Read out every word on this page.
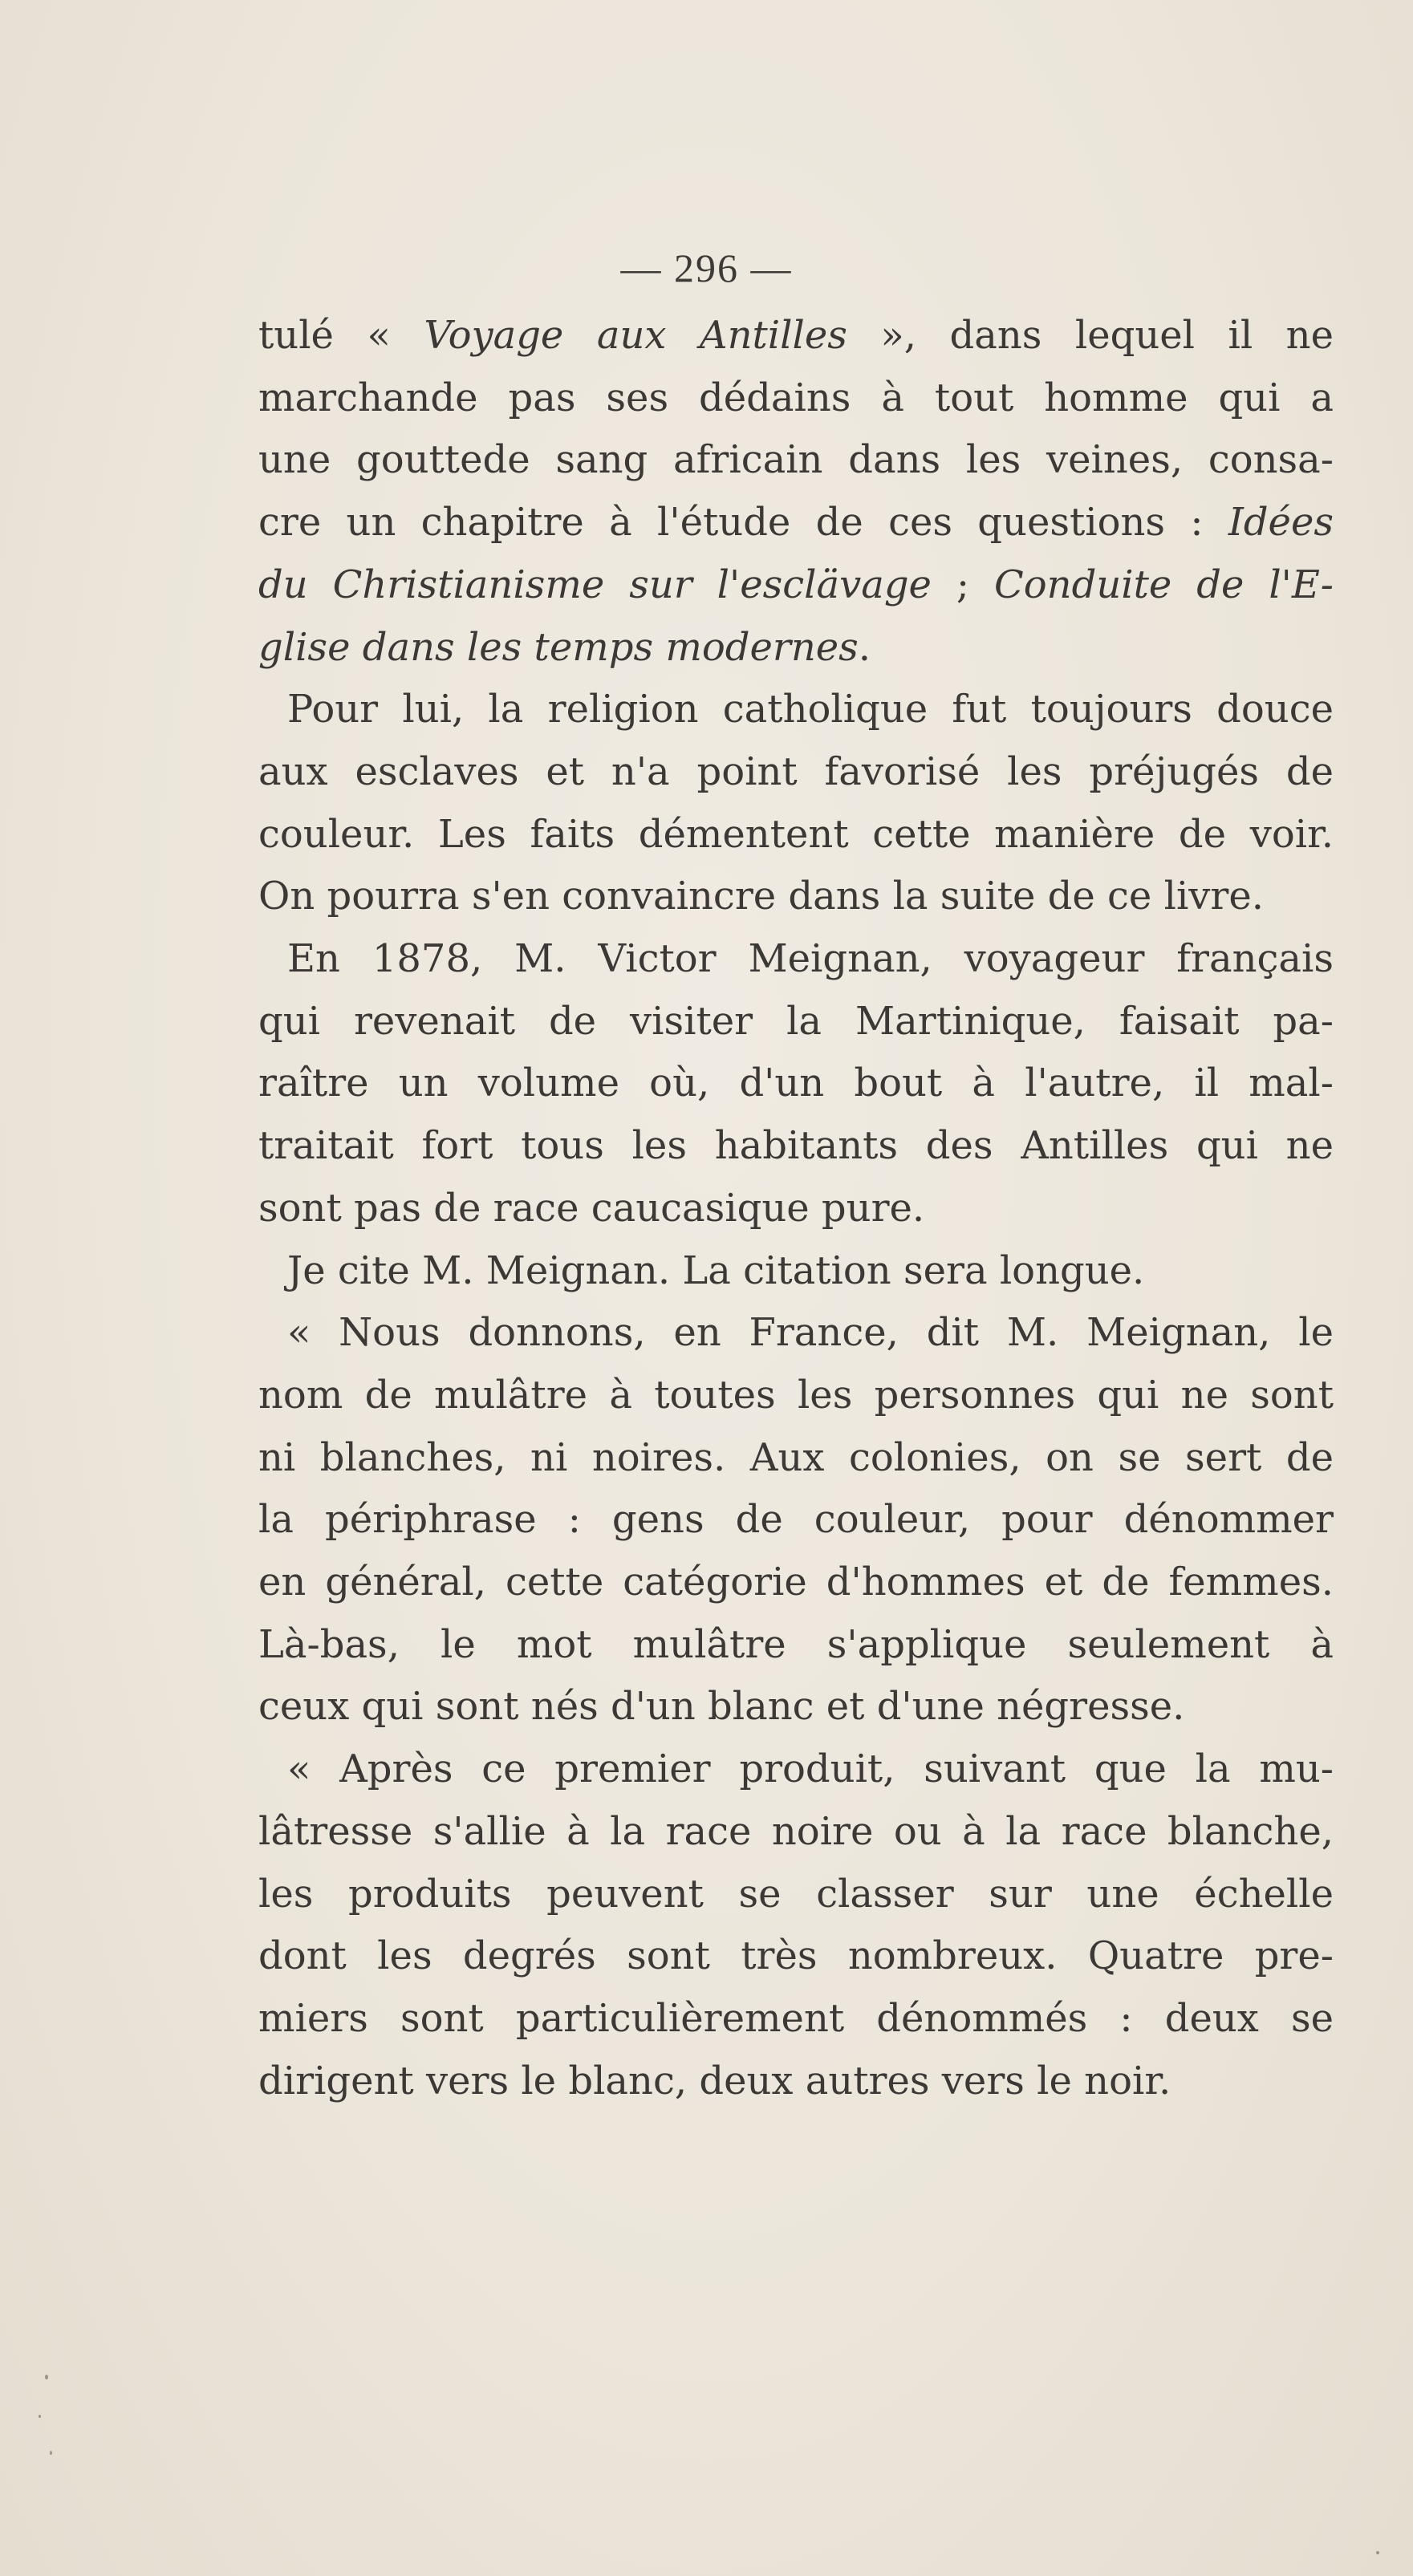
— 296 —

tulé « Voyage aux Antilles », dans lequel il ne
marchande pas ses dédains à tout homme qui a
une gouttede sang africain dans les veines, consa-
cre un chapitre à l'étude de ces questions : Idées
du Christianisme sur l'esclävage ; Conduite de l'E-
glise dans les temps modernes.

Pour lui, la religion catholique fut toujours douce
aux esclaves et n'a point favorisé les préjugés de
couleur. Les faits démentent cette manière de voir.
On pourra s'en convaincre dans la suite de ce livre.

En 1878, M. Victor Meignan, voyageur français
qui revenait de visiter la Martinique, faisait pa-
raître un volume où, d'un bout à l'autre, il mal-
traitait fort tous les habitants des Antilles qui ne
sont pas de race caucasique pure.

Je cite M. Meignan. La citation sera longue.

« Nous donnons, en France, dit M. Meignan, le
nom de mulâtre à toutes les personnes qui ne sont
ni blanches, ni noires. Aux colonies, on se sert de
la périphrase : gens de couleur, pour dénommer
en général, cette catégorie d'hommes et de femmes.
Là-bas, le mot mulâtre s'applique seulement à
ceux qui sont nés d'un blanc et d'une négresse.

« Après ce premier produit, suivant que la mu-
lâtresse s'allie à la race noire ou à la race blanche,
les produits peuvent se classer sur une échelle
dont les degrés sont très nombreux. Quatre pre-
miers sont particulièrement dénommés : deux se
dirigent vers le blanc, deux autres vers le noir.
